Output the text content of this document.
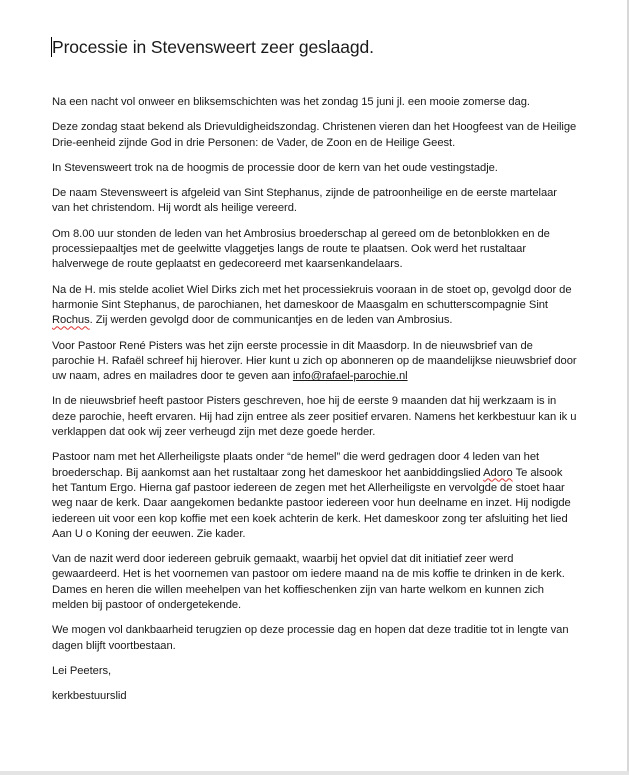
Processie in Stevensweert zeer geslaagd.

Na een nacht vol onweer en bliksemschichten was het zondag 15 juni jl. een mooie zomerse dag.

Deze zondag staat bekend als Drievuldigheidszondag. Christenen vieren dan het Hoogfeest van de Heilige Drie-eenheid zijnde God in drie Personen: de Vader, de Zoon en de Heilige Geest.

In Stevensweert trok na de hoogmis de processie door de kern van het oude vestingstadje.

De naam Stevensweert is afgeleid van Sint Stephanus, zijnde de patroonheilige en de eerste martelaar van het christendom. Hij wordt als heilige vereerd.

Om 8.00 uur stonden de leden van het Ambrosius broederschap al gereed om de betonblokken en de processiepaaltjes met de geelwitte vlaggetjes langs de route te plaatsen. Ook werd het rustaltaar halverwege de route geplaatst en gedecoreerd met kaarsenkandelaars.

Na de H. mis stelde acoliet Wiel Dirks zich met het processiekruis vooraan in de stoet op, gevolgd door de harmonie Sint Stephanus, de parochianen, het dameskoor de Maasgalm en schutterscompagnie Sint Rochus. Zij werden gevolgd door de communicantjes en de leden van Ambrosius.

Voor Pastoor René Pisters was het zijn eerste processie in dit Maasdorp. In de nieuwsbrief van de parochie H. Rafaël schreef hij hierover. Hier kunt u zich op abonneren op de maandelijkse nieuwsbrief door uw naam, adres en mailadres door te geven aan info@rafael-parochie.nl

In de nieuwsbrief heeft pastoor Pisters geschreven, hoe hij de eerste 9 maanden dat hij werkzaam is in deze parochie, heeft ervaren. Hij had zijn entree als zeer positief ervaren. Namens het kerkbestuur kan ik u verklappen dat ook wij zeer verheugd zijn met deze goede herder.

Pastoor nam met het Allerheiligste plaats onder “de hemel” die werd gedragen door 4 leden van het broederschap. Bij aankomst aan het rustaltaar zong het dameskoor het aanbiddingslied Adoro Te alsook het Tantum Ergo. Hierna gaf pastoor iedereen de zegen met het Allerheiligste en vervolgde de stoet haar weg naar de kerk. Daar aangekomen bedankte pastoor iedereen voor hun deelname en inzet. Hij nodigde iedereen uit voor een kop koffie met een koek achterin de kerk. Het dameskoor zong ter afsluiting het lied Aan U o Koning der eeuwen. Zie kader.

Van de nazit werd door iedereen gebruik gemaakt, waarbij het opviel dat dit initiatief zeer werd gewaardeerd. Het is het voornemen van pastoor om iedere maand na de mis koffie te drinken in de kerk. Dames en heren die willen meehelpen van het koffieschenken zijn van harte welkom en kunnen zich melden bij pastoor of ondergetekende.

We mogen vol dankbaarheid terugzien op deze processie dag en hopen dat deze traditie tot in lengte van dagen blijft voortbestaan.

Lei Peeters,

kerkbestuurslid
